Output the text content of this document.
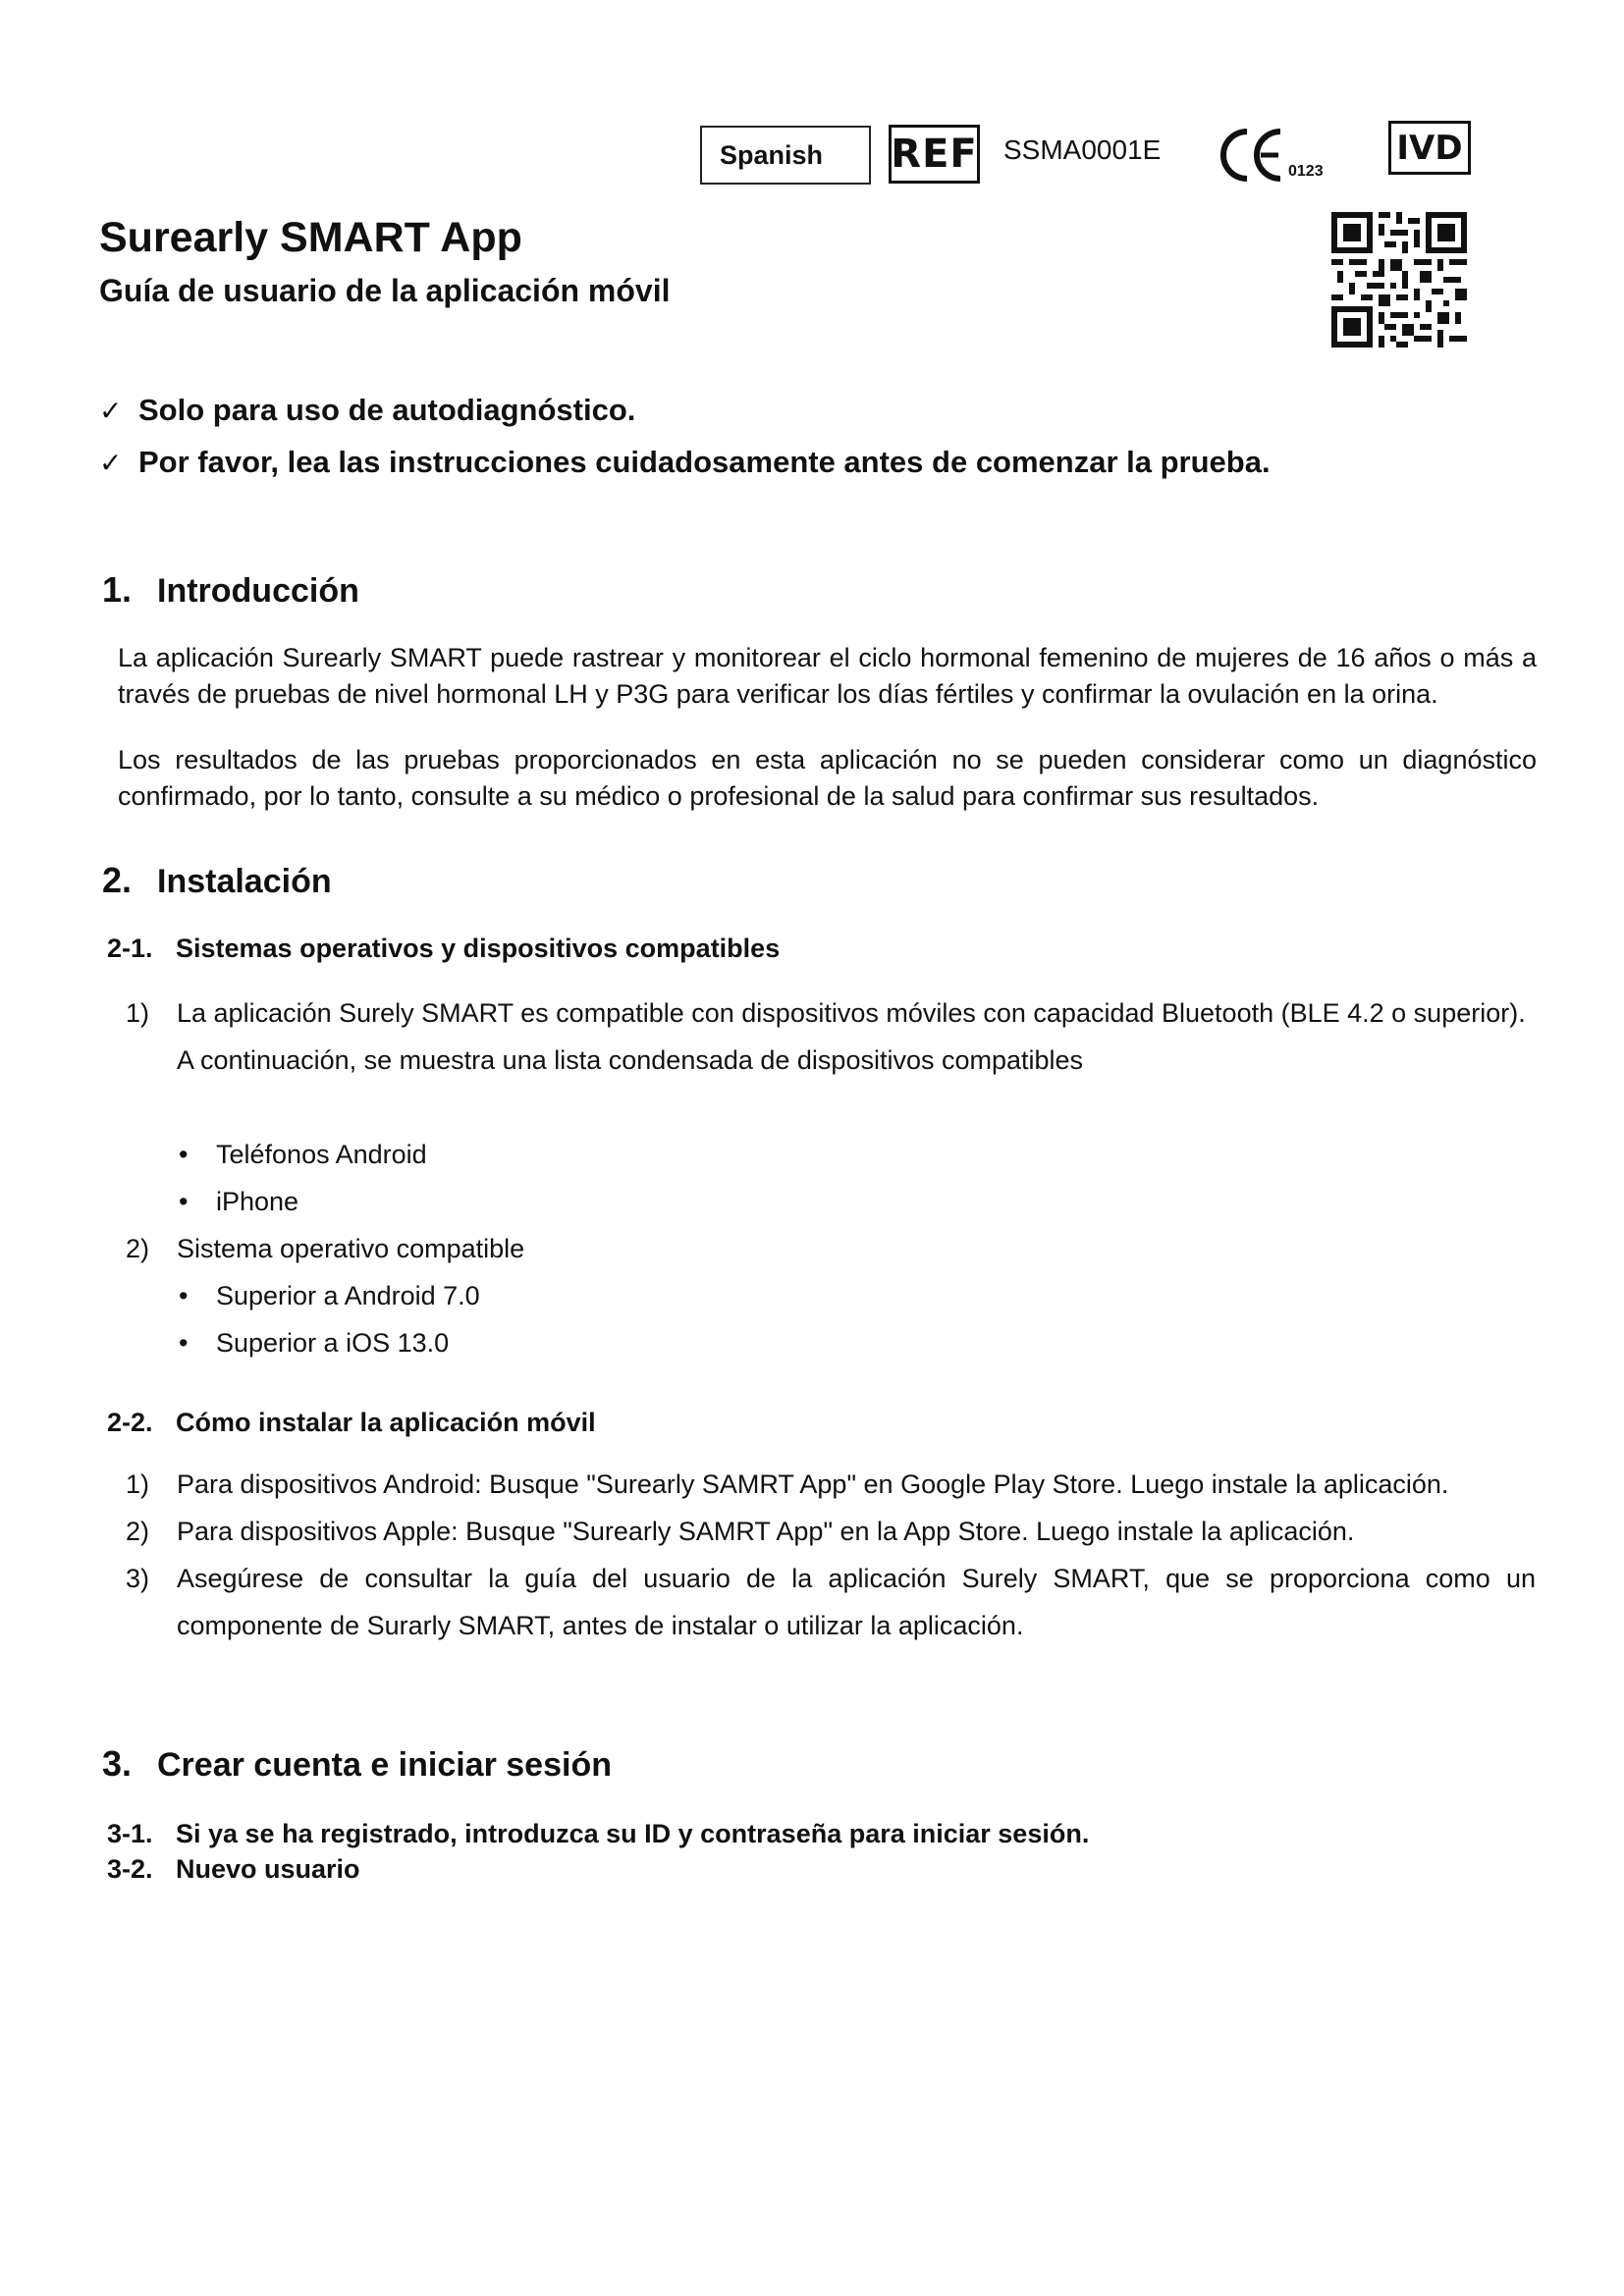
Spanish	REF SSMA0001E
0123
IVD
Surearly SMART App
Guía de usuario de la aplicación móvil
✓ Solo para uso de autodiagnóstico.
✓ Por favor, lea las instrucciones cuidadosamente antes de comenzar la prueba.
1. Introducción
La aplicación Surearly SMART puede rastrear y monitorear el ciclo hormonal femenino de mujeres de 16 años o más a través de pruebas de nivel hormonal LH y P3G para verificar los días fértiles y confirmar la ovulación en la orina.
Los resultados de las pruebas proporcionados en esta aplicación no se pueden considerar como un diagnóstico confirmado, por lo tanto, consulte a su médico o profesional de la salud para confirmar sus resultados.
2. Instalación
2-1. Sistemas operativos y dispositivos compatibles
1)	La aplicación Surely SMART es compatible con dispositivos móviles con capacidad Bluetooth (BLE 4.2 o superior).
A continuación, se muestra una lista condensada de dispositivos compatibles
•	Teléfonos Android
•	iPhone
2)	Sistema operativo compatible
•	Superior a Android 7.0
•	Superior a iOS 13.0
2-2. Cómo instalar la aplicación móvil
1)	Para dispositivos Android: Busque "Surearly SAMRT App" en Google Play Store. Luego instale la aplicación.
2)	Para dispositivos Apple: Busque "Surearly SAMRT App" en la App Store. Luego instale la aplicación.
3)	Asegúrese de consultar la guía del usuario de la aplicación Surely SMART, que se proporciona como un componente de Surarly SMART, antes de instalar o utilizar la aplicación.
3. Crear cuenta e iniciar sesión
3-1. Si ya se ha registrado, introduzca su ID y contraseña para iniciar sesión.
3-2. Nuevo usuario
